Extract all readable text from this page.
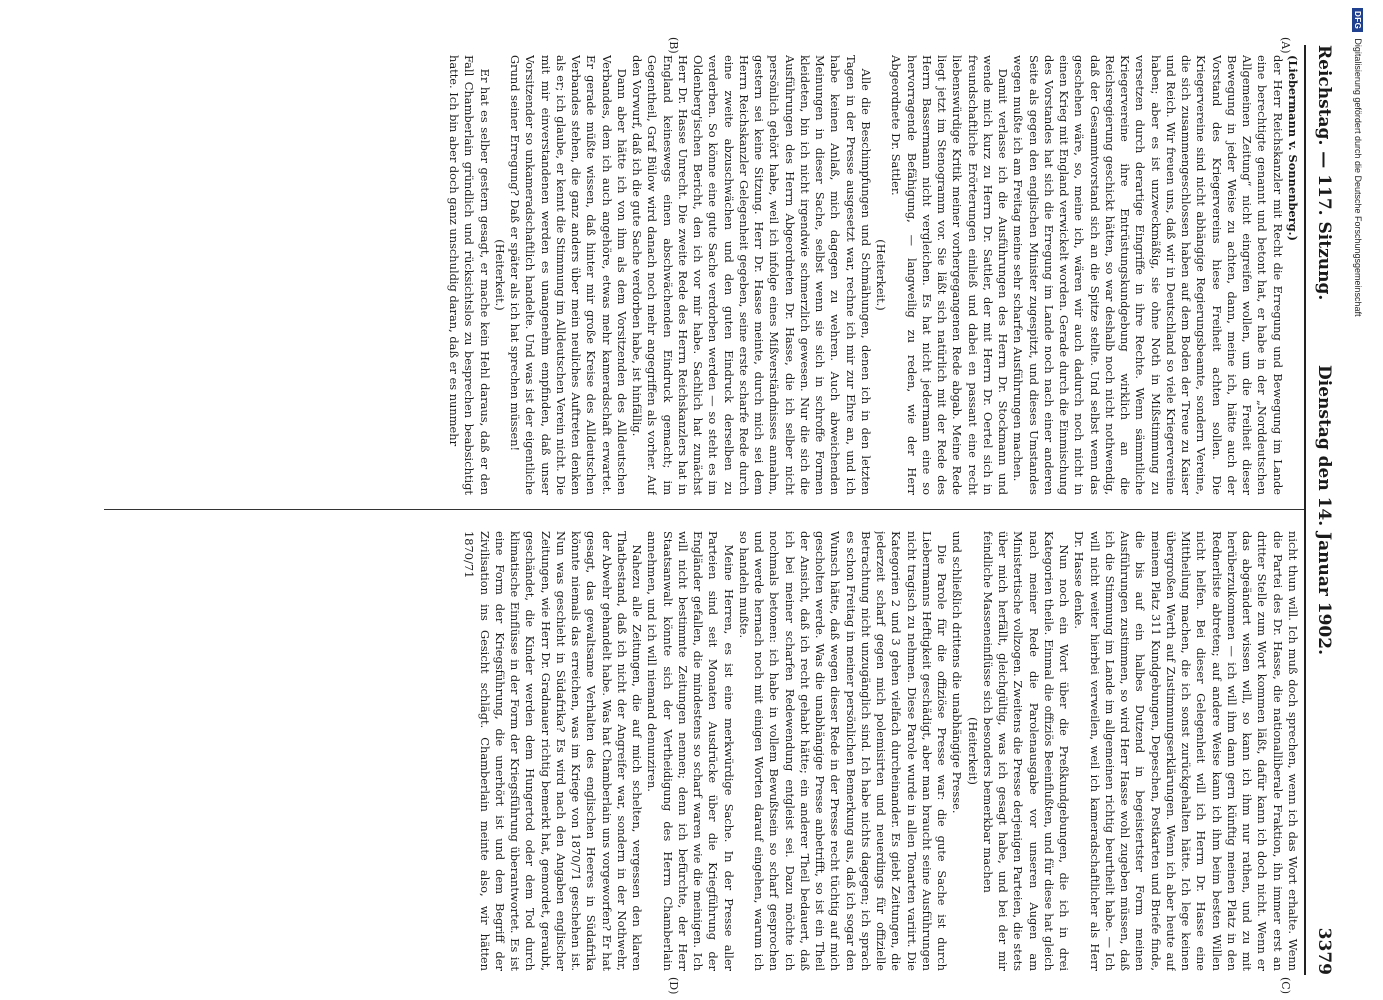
Reichstag. — 117. Sitzung.
Dienstag den 14. Januar 1902.
3379
(A)
(B)
(C)
(D)

(Liebermann v. Sonnenberg.)

der Herr Reichskanzler mit Recht die Erregung und Bewegung im Lande eine berechtigte genannt und betont hat, er habe in der „Norddeutschen Allgemeinen Zeitung“ nicht eingreifen wollen, um die Freiheit dieser Bewegung in jeder Weise zu achten, dann, meine ich, hätte auch der Vorstand des Kriegervereins hiese Freiheit achten sollen. Die Kriegervereine sind nicht abhängige Regierungsbeamte, sondern Vereine, die sich zusammengeschlossen haben auf dem Boden der Treue zu Kaiser und Reich. Wir freuen uns, daß wir in Deutschland so viele Kriegervereine haben; aber es ist unzweckmäßig, sie ohne Noth in Mißstimmung zu versetzen durch derartige Eingriffe in ihre Rechte. Wenn sämmtliche Kriegervereine ihre Entrüstungskundgebung wirklich an die Reichsregierung geschickt hätten, so war deshalb noch nicht nothwendig, daß der Gesammtvorstand sich an die Spitze stellte. Und selbst wenn das geschehen wäre, so, meine ich, wären wir auch dadurch noch nicht in einen Krieg mit England verwickelt worden. Gerade durch die Einmischung des Vorstandes hat sich die Erregung im Lande noch nach einer anderen Seite als gegen den englischen Minister zugespitzt, und dieses Umstandes wegen mußte ich am Freitag meine sehr scharfen Ausführungen machen.

Damit verlasse ich die Ausführungen des Herrn Dr. Stockmann und wende mich kurz zu Herrn Dr. Sattler, der mit Herrn Dr. Oertel sich in freundschaftliche Erörterungen einließ und dabei en passant eine recht liebenswürdige Kritik meiner vorhergegangenen Rede abgab. Meine Rede liegt jetzt im Stenogramm vor. Sie läßt sich natürlich mit der Rede des Herrn Bassermann nicht vergleichen. Es hat nicht jedermann eine so hervorragende Befähigung, — langweilig zu reden, wie der Herr Abgeordnete Dr. Sattler.

(Heiterkeit.)

Alle die Beschimpfungen und Schmähungen, denen ich in den letzten Tagen in der Presse ausgesetzt war, rechne ich mir zur Ehre an, und ich habe keinen Anlaß, mich dagegen zu wehren. Auch abweichenden Meinungen in dieser Sache, selbst wenn sie sich in schroffe Formen kleideten, bin ich nicht irgendwie schmerzlich gewesen. Nur die sich die Ausführungen des Herrn Abgeordneten Dr. Hasse, die ich selber nicht persönlich gehört habe, weil ich infolge eines Mißverständnisses annahm, gestern sei keine Sitzung. Herr Dr. Hasse meinte, durch mich sei dem Herrn Reichskanzler Gelegenheit gegeben, seine erste scharfe Rede durch eine zweite abzuschwächen und den guten Eindruck derselben zu verderben. So könne eine gute Sache verdorben werden — so steht es im Oldenberg'ischen Bericht, den ich vor mir habe. Sachlich hat zunächst Herr Dr. Hasse Unrecht. Die zweite Rede des Herrn Reichskanzlers hat in England keineswegs einen abschwächenden Eindruck gemacht; im Gegentheil, Graf Bülow wird danach noch mehr angegriffen als vorher. Auf den Vorwurf, daß ich die gute Sache verdorben habe, ist hinfällig.

Dann aber hätte ich von ihm als dem Vorsitzenden des Alldeutschen Verbandes, dem ich auch angehöre, etwas mehr kameradschaft erwartet. Er gerade müßte wissen, daß hinter mir große Kreise des Alldeutschen Verbandes stehen, die ganz anders über mein neuliches Auftreten denken als er; ich glaube, er kennt die Stimmung im Alldeutschen Verein nicht. Die mit mir einverstandenen werden es unangenehm empfinden, daß unser Vorsitzender so unkameradschaftlich handelte. Und was ist der eigentliche Grund seiner Erregung? Daß er später als ich hat sprechen müssen!

(Heiterkeit.)

Er hat es selber gestern gesagt, er mache kein Hehl daraus, daß er den Fall Chamberlain gründlich und rücksichtslos zu besprechen beabsichtigt hatte. Ich bin aber doch ganz unschuldig daran, daß er es nunmehr

nicht thun will. Ich muß doch sprechen, wenn ich das Wort erhalte. Wenn die Partei des Dr. Hasse, die nationalliberale Fraktion, ihn immer erst an dritter Stelle zum Wort kommen läßt, dafür kann ich doch nicht. Wenn er das abgeändert wissen will, so kann ich ihm nur rathen, und zu mit herüberzukommen — ich will ihm dann gern künftig meinen Platz in den Rednerliste abtreten; auf andere Weise kann ich ihm beim besten Willen nicht helfen. Bei dieser Gelegenheit will ich Herrn Dr. Hasse eine Mittheilung machen, die ich sonst zurückgehalten hätte. Ich lege keinen übergroßen Werth auf Zustimmungserklärungen. Wenn ich aber heute auf meinem Platz 311 Kundgebungen, Depeschen, Postkarten und Briefe finde, die bis auf ein halbes Dutzend in begeistertster Form meinen Ausführungen zustimmen, so wird Herr Hasse wohl zugeben müssen, daß ich die Stimmung im Lande im allgemeinen richtig beurtheilt habe. — Ich will nicht weiter hierbei verweilen, weil ich kameradschaftlicher als Herr Dr. Hasse denke.

Nun noch ein Wort über die Preßkundgebungen, die ich in drei Kategorien theile. Einmal die offiziös Beeinflußten, und für diese hat gleich nach meiner Rede die Parolenausgabe vor unseren Augen am Ministertische vollzogen. Zweitens die Presse derjenigen Parteien, die stets über mich herfällt, gleichgültig, was ich gesagt habe, und bei der mir feindliche Masseneinflüsse sich besonders bemerkbar machen

(Heiterkeit)

und schließlich drittens die unabhängige Presse.

Die Parole für die offiziöse Presse war: die gute Sache ist durch Liebermanns Heftigkeit geschädigt, aber man braucht seine Ausführungen nicht tragisch zu nehmen. Diese Parole wurde in allen Tonarten variirt. Die Kategorien 2 und 3 gehen vielfach durcheinander. Es giebt Zeitungen, die jederzeit scharf gegen mich polemisirten und neuerdings für offizielle Betrachtung nicht unzugänglich sind. Ich habe nichts dagegen; ich sprach es schon Freitag in meiner persönlichen Bemerkung aus, daß ich sogar den Wunsch hätte, daß wegen dieser Rede in der Presse recht tüchtig auf mich gescholten werde. Was die unabhängige Presse anbetrifft, so ist ein Theil der Ansicht, daß ich recht gehabt hätte; ein anderer Theil bedauert, daß ich bei meiner scharfen Redewendung entgleist sei. Dazu möchte ich nochmals betonen: ich habe in vollem Bewußtsein so scharf gesprochen und werde hernach noch mit einigen Worten darauf eingehen, warum ich so handeln mußte.

Meine Herren, es ist eine merkwürdige Sache. In der Presse aller Parteien sind seit Monaten Ausdrücke über die Kriegführung der Engländer gefallen, die mindestens so scharf waren wie die meinigen. Ich will nicht bestimmte Zeitungen nennen; denn ich befürchte, der Herr Staatsanwalt könnte sich der Vertheidigung des Herrn Chamberlain annehmen, und ich will niemand denunziren.

Nahezu alle Zeitungen, die auf mich schelten, vergessen den klaren Thatbestand, daß ich nicht der Angreifer war, sondern in der Nothwehr, der Abwehr gehandelt habe. Was hat Chamberlain uns vorgeworfen? Er hat gesagt, das gewaltsame Verhalten des englischen Heeres in Südafrika könnte niemals das erreichen, was im Kriege von 1870/71 geschehen ist. Nun was geschieht in Südafrika? Es wird nach den Angaben englischer Zeitungen, wie Herr Dr. Gradnauer richtig bemerkt hat, gemordet, geraubt, geschändet, die Kinder werden dem Hungertod oder dem Tod durch klimatische Einflüsse in der Form der Kriegsführung überantwortet. Es ist eine Form der Kriegsführung, die unerhört ist und dem Begriff der Zivilisation ins Gesicht schlägt. Chamberlain meinte also, wir hätten 1870/71

DFG
Digitalisierung gefördert durch die Deutsche Forschungsgemeinschaft
